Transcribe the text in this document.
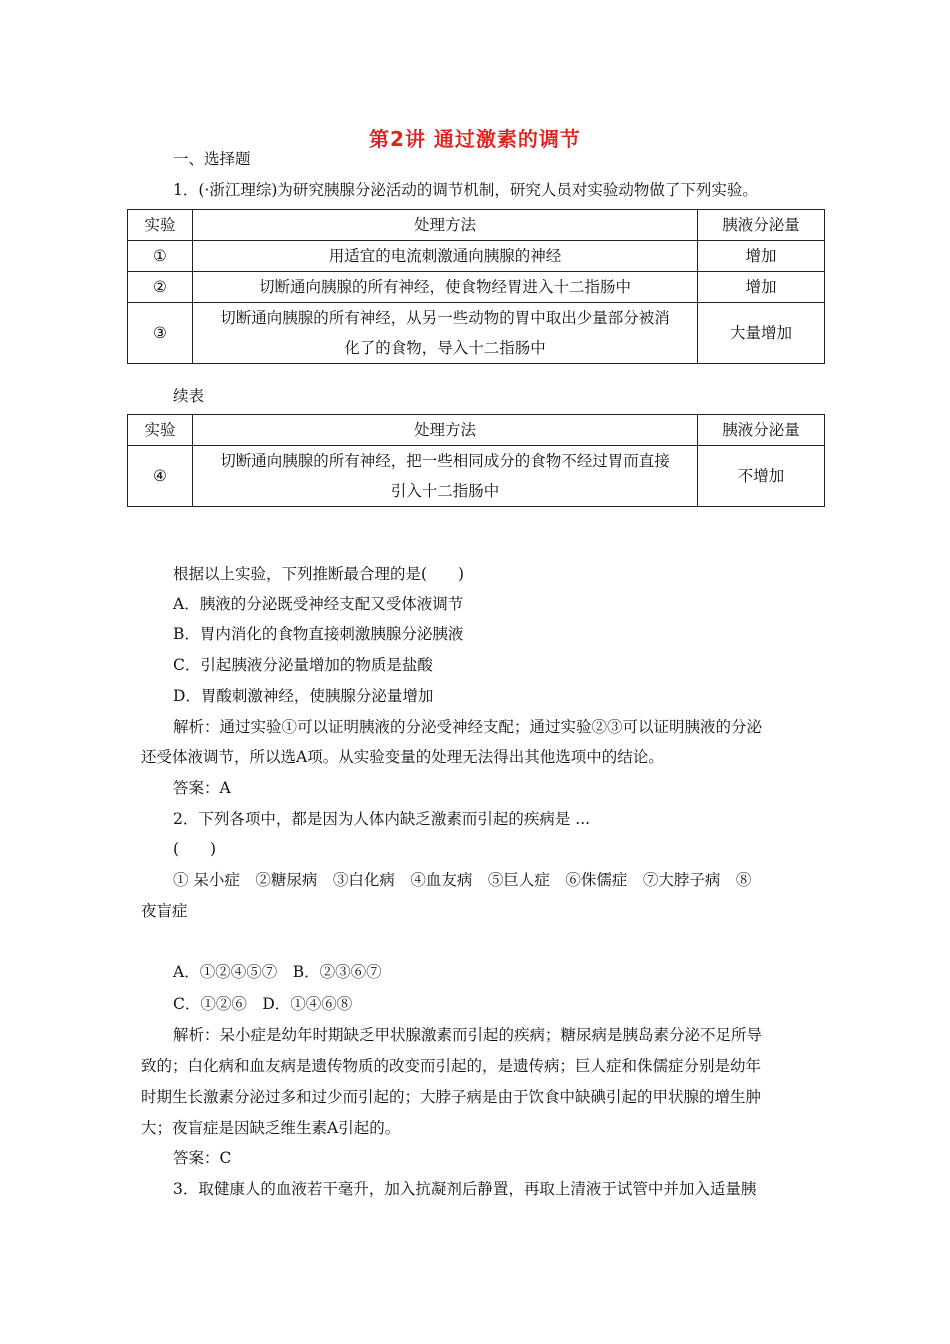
第2讲 通过激素的调节
一、选择题
1．(·浙江理综)为研究胰腺分泌活动的调节机制，研究人员对实验动物做了下列实验。
实验	处理方法	胰液分泌量
①	用适宜的电流刺激通向胰腺的神经	增加
②	切断通向胰腺的所有神经，使食物经胃进入十二指肠中	增加
③	切断通向胰腺的所有神经，从另一些动物的胃中取出少量部分被消
化了的食物，导入十二指肠中	大量增加
续表
实验	处理方法	胰液分泌量
④	切断通向胰腺的所有神经，把一些相同成分的食物不经过胃而直接
引入十二指肠中	不增加
根据以上实验，下列推断最合理的是(　　)
A．胰液的分泌既受神经支配又受体液调节
B．胃内消化的食物直接刺激胰腺分泌胰液
C．引起胰液分泌量增加的物质是盐酸
D．胃酸刺激神经，使胰腺分泌量增加
解析：通过实验①可以证明胰液的分泌受神经支配；通过实验②③可以证明胰液的分泌
还受体液调节，所以选A项。从实验变量的处理无法得出其他选项中的结论。
答案：A
2．下列各项中，都是因为人体内缺乏激素而引起的疾病是 ...
(　　)
① 呆小症　②糖尿病　③白化病　④血友病　⑤巨人症　⑥侏儒症　⑦大脖子病　⑧
夜盲症
A．①②④⑤⑦　B．②③⑥⑦
C．①②⑥　D．①④⑥⑧
解析：呆小症是幼年时期缺乏甲状腺激素而引起的疾病；糖尿病是胰岛素分泌不足所导
致的；白化病和血友病是遗传物质的改变而引起的，是遗传病；巨人症和侏儒症分别是幼年
时期生长激素分泌过多和过少而引起的；大脖子病是由于饮食中缺碘引起的甲状腺的增生肿
大；夜盲症是因缺乏维生素A引起的。
答案：C
3．取健康人的血液若干毫升，加入抗凝剂后静置，再取上清液于试管中并加入适量胰
